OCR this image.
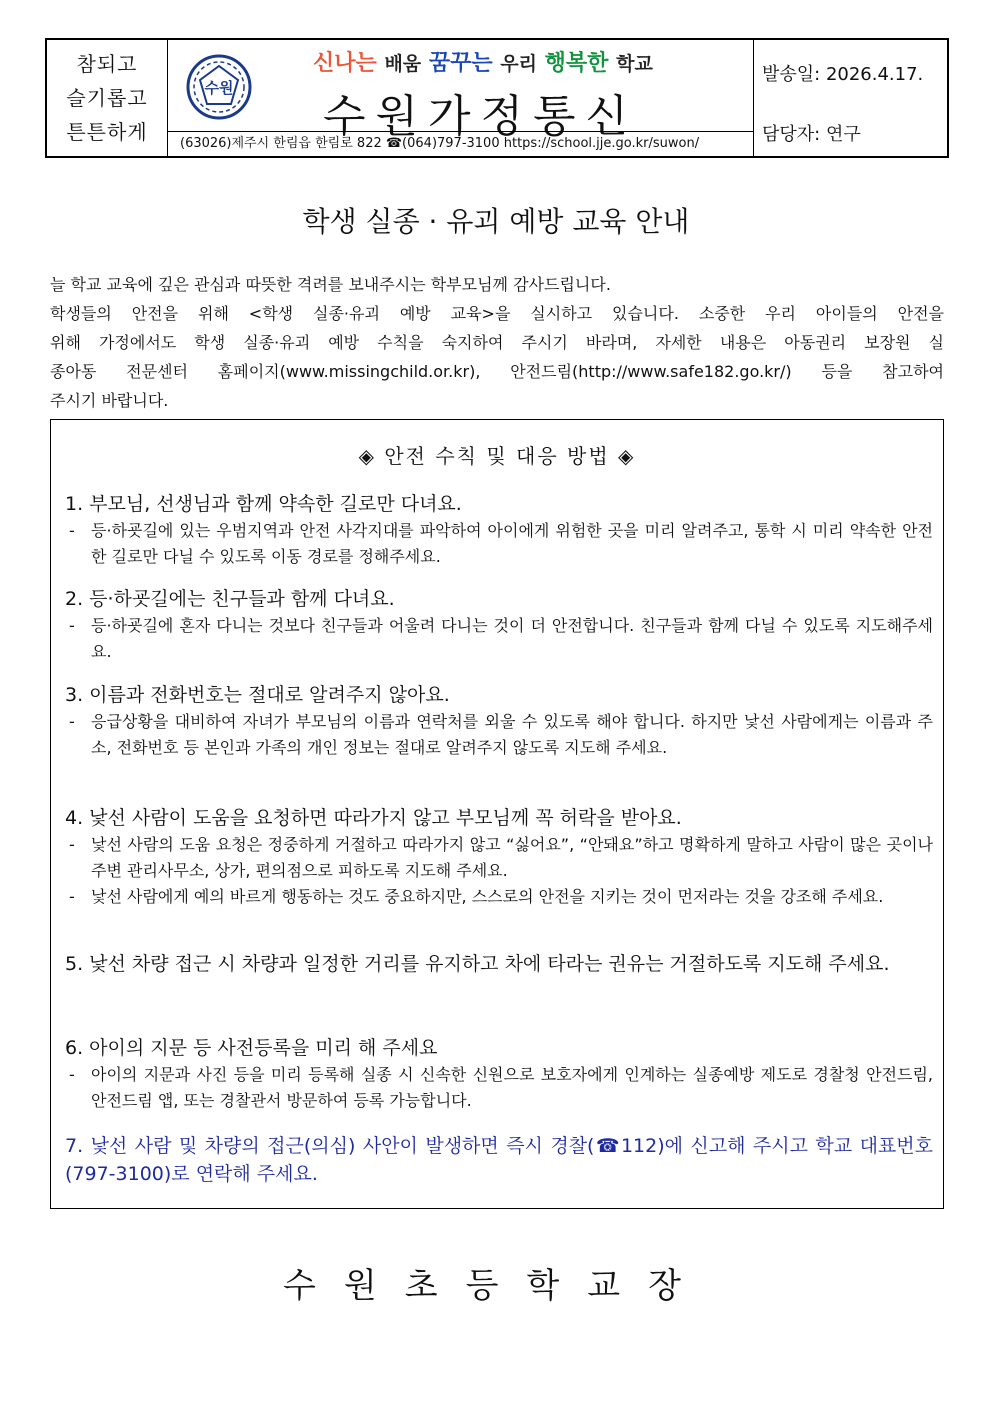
참되고
슬기롭고
튼튼하게
수원
신나는 배움 꿈꾸는 우리 행복한 학교
수원가정통신
(63026)제주시 한림읍 한림로 822 ☎(064)797-3100 https://school.jje.go.kr/suwon/
발송일: 2026.4.17.
담당자: 연구
학생 실종 · 유괴 예방 교육 안내

늘 학교 교육에 깊은 관심과 따뜻한 격려를 보내주시는 학부모님께 감사드립니다.

학생들의 안전을 위해 <학생 실종·유괴 예방 교육>을 실시하고 있습니다. 소중한 우리 아이들의 안전을

위해 가정에서도 학생 실종·유괴 예방 수칙을 숙지하여 주시기 바라며, 자세한 내용은 아동권리 보장원 실

종아동 전문센터 홈페이지(www.missingchild.or.kr), 안전드림(http://www.safe182.go.kr/) 등을 참고하여

주시기 바랍니다.

◈ 안전 수칙 및 대응 방법 ◈
1. 부모님, 선생님과 함께 약속한 길로만 다녀요.
-	등·하굣길에 있는 우범지역과 안전 사각지대를 파악하여 아이에게 위험한 곳을 미리 알려주고, 통학 시 미리 약속한 안전한 길로만 다닐 수 있도록 이동 경로를 정해주세요.
2. 등·하굣길에는 친구들과 함께 다녀요.
-	등·하굣길에 혼자 다니는 것보다 친구들과 어울려 다니는 것이 더 안전합니다. 친구들과 함께 다닐 수 있도록 지도해주세요.
3. 이름과 전화번호는 절대로 알려주지 않아요.
-	응급상황을 대비하여 자녀가 부모님의 이름과 연락처를 외울 수 있도록 해야 합니다. 하지만 낯선 사람에게는 이름과 주소, 전화번호 등 본인과 가족의 개인 정보는 절대로 알려주지 않도록 지도해 주세요.
4. 낯선 사람이 도움을 요청하면 따라가지 않고 부모님께 꼭 허락을 받아요.
-	낯선 사람의 도움 요청은 정중하게 거절하고 따라가지 않고 “싫어요”, “안돼요”하고 명확하게 말하고 사람이 많은 곳이나 주변 관리사무소, 상가, 편의점으로 피하도록 지도해 주세요.
-	낯선 사람에게 예의 바르게 행동하는 것도 중요하지만, 스스로의 안전을 지키는 것이 먼저라는 것을 강조해 주세요.
5. 낯선 차량 접근 시 차량과 일정한 거리를 유지하고 차에 타라는 권유는 거절하도록 지도해 주세요.
6. 아이의 지문 등 사전등록을 미리 해 주세요
-	아이의 지문과 사진 등을 미리 등록해 실종 시 신속한 신원으로 보호자에게 인계하는 실종예방 제도로 경찰청 안전드림, 안전드림 앱, 또는 경찰관서 방문하여 등록 가능합니다.
7. 낯선 사람 및 차량의 접근(의심) 사안이 발생하면 즉시 경찰(☎112)에 신고해 주시고 학교 대표번호(797-3100)로 연락해 주세요.
수원초등학교장
